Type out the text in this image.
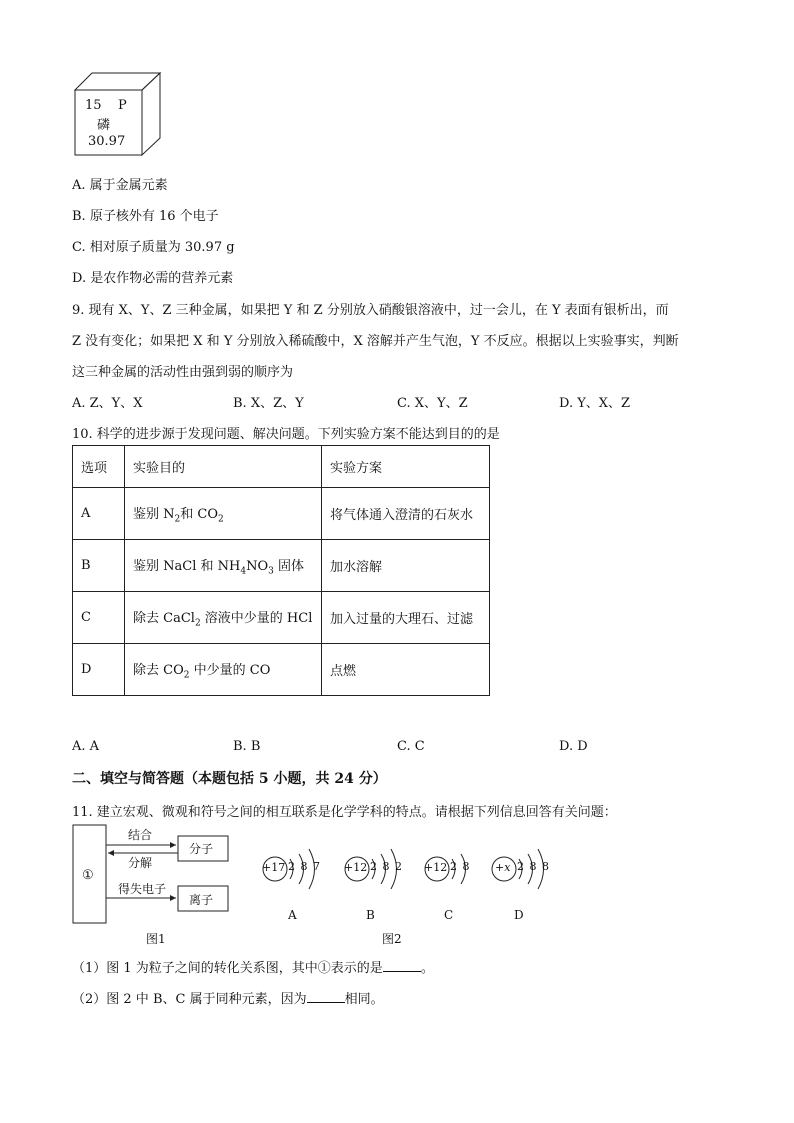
15 P
磷
30.97
A. 属于金属元素
B. 原子核外有 16 个电子
C. 相对原子质量为 30.97 g
D. 是农作物必需的营养元素
9. 现有 X、Y、Z 三种金属，如果把 Y 和 Z 分别放入硝酸银溶液中，过一会儿，在 Y 表面有银析出，而
Z 没有变化；如果把 X 和 Y 分别放入稀硫酸中，X 溶解并产生气泡，Y 不反应。根据以上实验事实，判断
这三种金属的活动性由强到弱的顺序为
A. Z、Y、X	B. X、Z、Y	C. X、Y、Z	D. Y、X、Z
10. 科学的进步源于发现问题、解决问题。下列实验方案不能达到目的的是
选项	实验目的	实验方案
A	鉴别 $N_2$和 $CO_2$	将气体通入澄清的石灰水
B	鉴别 NaCl 和 $NH_4NO_3$ 固体	加水溶解
C	除去 CaCl$_2$ 溶液中少量的 HCl	加入过量的大理石、过滤
D	除去 $CO_2$ 中少量的 CO	点燃
A. A	B. B	C. C	D. D
二、填空与简答题（本题包括 5 小题，共 24 分）
11. 建立宏观、微观和符号之间的相互联系是化学学科的特点。请根据下列信息回答有关问题：
①
结合
分解
得失电子
分子
离子
图1
+17 2 8 7
A
+12 2 8 2
B
+12 2 8
C
+x 2 8 8
D
图2
（1）图 1 为粒子之间的转化关系图，其中①表示的是	。
（2）图 2 中 B、C 属于同种元素，因为	相同。
